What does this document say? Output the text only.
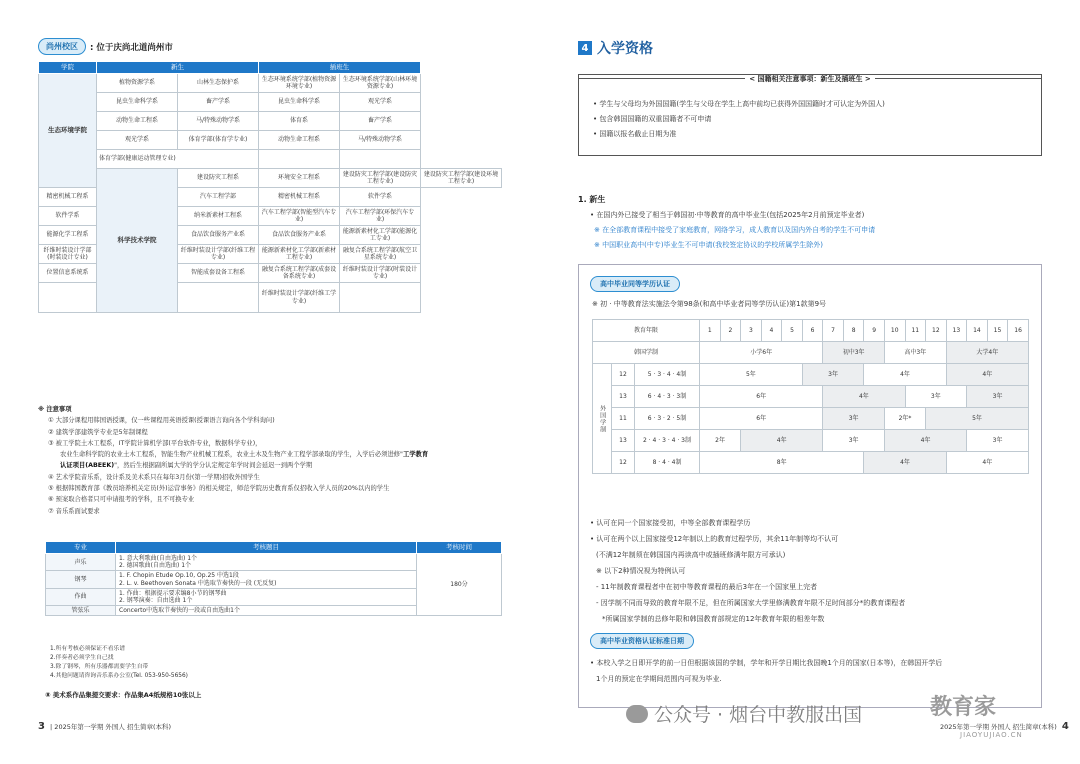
尚州校区	: 位于庆尚北道尚州市
学院	新生		插班生		
生态环境学院	植物资源学系	山林生态保护系	生态环境系统学部(植物资源环境专业)	生态环境系统学部(山林环境资源专业)	
	昆虫生命科学系	畜产学系	昆虫生命科学系	观光学系	
	动物生命工程系	马/特殊动物学系	体育系	畜产学系	
	观光学系	体育学部(体育学专业)	动物生命工程系	马/特殊动物学系	
	体育学部(健康运动管理专业)				
	科学技术学院	建设防灾工程系	环境安全工程系	建设防灾工程学部(建设防灾工程专业)	建设防灾工程学部(建设环境工程专业)
精密机械工程系		汽车工程学部	精密机械工程系	软件学系	
软件学系		纳米新素材工程系	汽车工程学部(智能型汽车专业)	汽车工程学部(环保汽车专业)	
能源化学工程系		食品饮食服务产业系	食品饮食服务产业系	能源新素材化工学部(能源化工专业)	
纤维时装设计学部(时装设计专业)		纤维时装设计学部(纤维工程专业)	能源新素材化工学部(新素材工程专业)	融复合系统工程学部(航空卫星系统专业)	
位置信息系统系		智能成套设备工程系	融复合系统工程学部(成套设备系统专业)	纤维时装设计学部(时装设计专业)	
			纤维时装设计学部(纤维工学专业)		
※ 注意事项
① 大部分课程用韩国语授课，仅一些课程用英语授课(授课语言询向各个学科询问)
② 建筑学部建筑学专业是5年制课程
③ 被工学院土木工程系，IT学院计算机学部(平台软件专业，数据科学专业)，
农业生命科学院的农业土木工程系，智能生物产业机械工程系，农业土木及生物产业工程学部录取的学生，入学后必须进修"工学教育
认证项目(ABEEK)"，然后生根据副所属大学的学分认定规定年学时间会延迟一到两个学期
④ 艺术学院音乐系，设计系及美术系只在每年3月份(第一学期)招收外国学生
⑤ 根据韩国教育部《教员培养机关定员(外)运营事务》的相关规定，师范学院历史教育系仅招收入学人员的20%以内的学生
⑥ 预案取合格者只可申请报考的学科，且不可换专业
⑦ 音乐系面试要求
专业	考核题目	考核时间
声乐	1. 意大利歌曲(自由选曲) 1个
2. 德国歌曲(自由选曲) 1个	180分
钢琴	1. F. Chopin Etude Op.10, Op.25 中选1段
2. L. v. Beethoven Sonata 中选取节奏快的一段 (无反复)	

作曲	1. 作曲：根据提示要求编8小节的钢琴曲
2. 钢琴演奏：自由选曲 1个	

管弦乐	Concerto中选取节奏快的一段或自由选曲1个	
1.所有考核必须保证不看乐谱
2.伴奏者必须学生自己找
3.除了钢琴，所有乐器都需要学生自带
4.其他问题请咨询音乐系办公室(Tel. 053-950-5656)
⑧ 美术系作品集提交要求：作品集A4纸规格10张以上
3 | 2025年第一学期 外国人 招生简章(本科)
4 入学资格
< 国籍相关注意事项：新生及插班生 >
• 学生与父母均为外国国籍(学生与父母在学生上高中前均已获得外国国籍时才可认定为外国人)
• 包含韩国国籍的双重国籍者不可申请
• 国籍以报名截止日期为准
1. 新生
• 在国内外已接受了相当于韩国初·中等教育的高中毕业生(包括2025年2月前预定毕业者)
※ 在全部教育课程中接受了家庭教育，网络学习，成人教育以及国内外自考的学生不可申请
※ 中国职业高中(中专)毕业生不可申请(我校签定协议的学校所属学生除外)
高中毕业同等学历认证
※ 初 · 中等教育法实施法令第98条(和高中毕业者同等学历认证)第1款第9号
教育年限			1	2	3	4	5	6	7	8	9	10	11	12	13	14	15	16
韩国学制			小学6年						初中3年			高中3年			大学4年			
外国学制	12	5 · 3 · 4 · 4制	5年					3年			4年				4年			
	13	6 · 4 · 3 · 3制	6年						4年				3年			3年		
	11	6 · 3 · 2 · 5制	6年						3年			2年*		5年				
	13	2 · 4 · 3 · 4 · 3制	2年		4年				3年			4年				3年		
	12	8 · 4 · 4制	8年								4年				4年			
• 认可在同一个国家接受初，中等全部教育课程学历
• 认可在两个以上国家接受12年制以上的教育过程学历，其余11年制等均不认可
(不满12年制须在韩国国内再读高中或插班修满年限方可承认)
※ 以下2种情况视为特例认可
- 11年制教育课程者中在初中等教育课程的最后3年在一个国家里上完者
- 因学制不同而导致的教育年限不足，但在所属国家大学里修满教育年限不足时间部分*的教育课程者
*所属国家学制的总修年限和韩国教育部规定的12年教育年限的相差年数
高中毕业资格认证标准日期
• 本校入学之日即开学的前一日但根据该国的学制，学年和开学日期比我国晚1个月的国家(日本等)，在韩国开学后
1个月的预定在学期间范围内可视为毕业.
公众号 · 烟台中教服出国	教育家
2025年第一学期 外国人 招生简章(本科) 4
JIAOYUJIAO.CN
